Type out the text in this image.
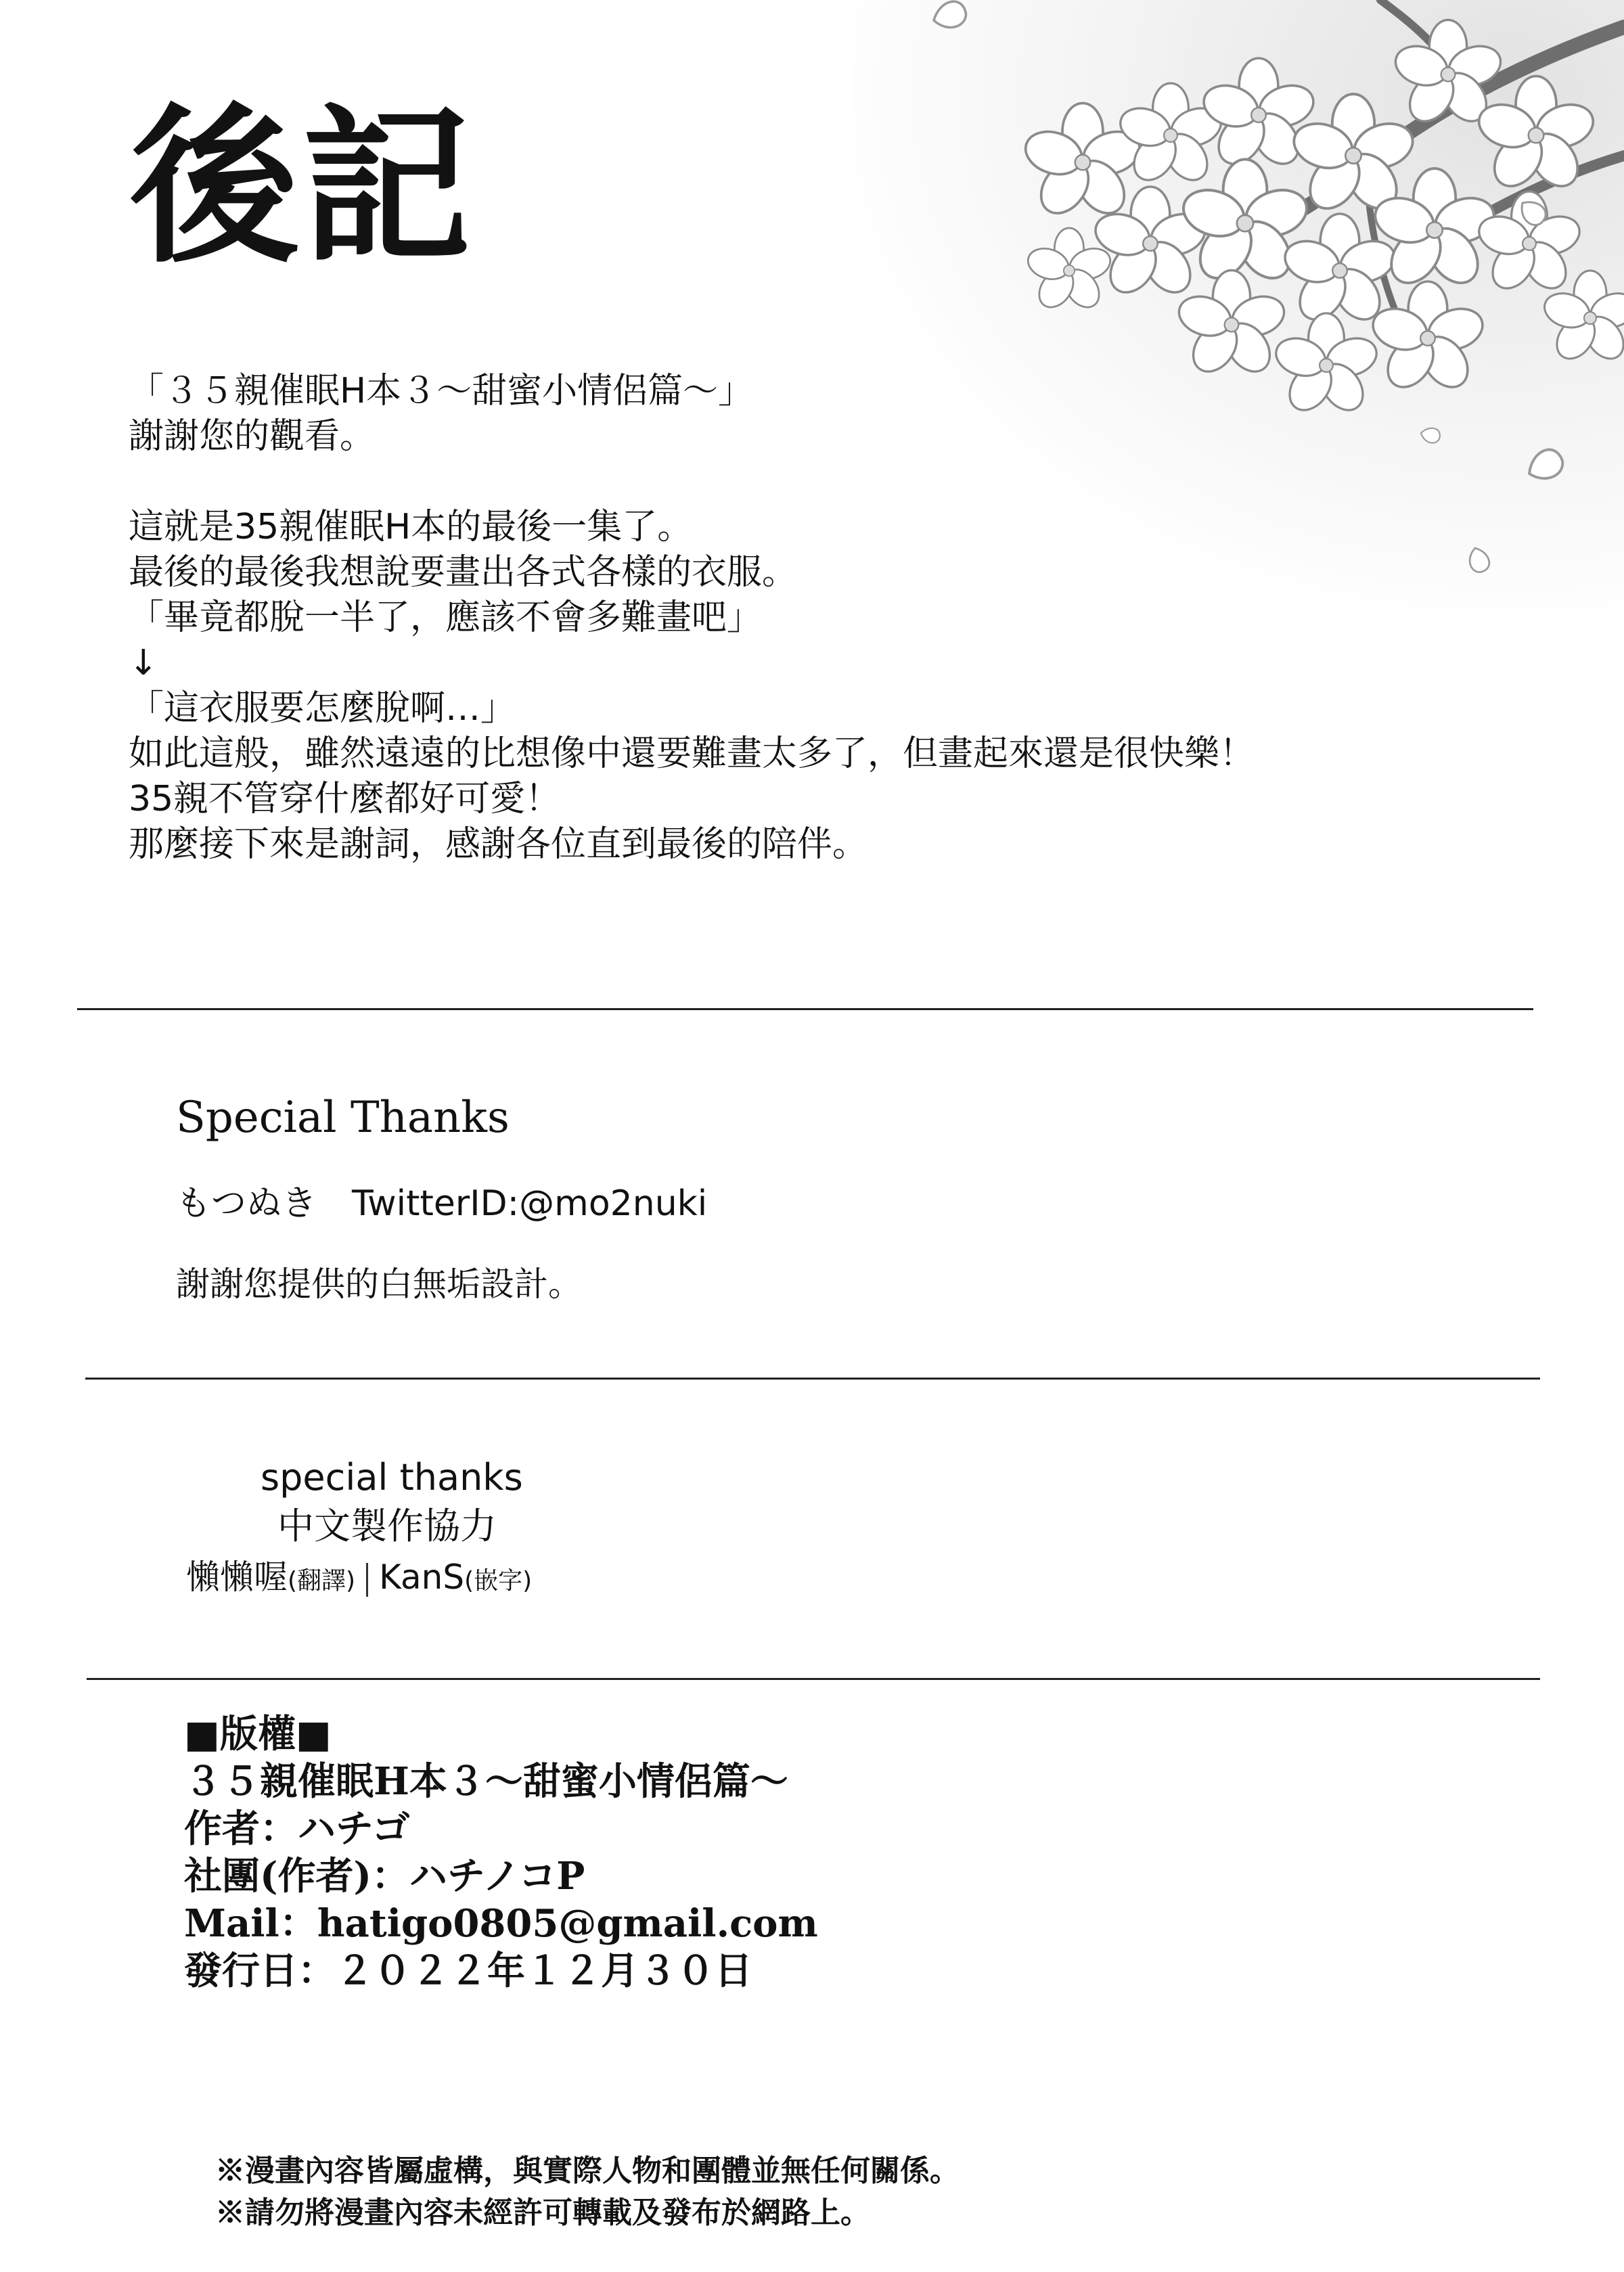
後記
「３５親催眠H本３～甜蜜小情侶篇～」
謝謝您的觀看。
這就是35親催眠H本的最後一集了。
最後的最後我想說要畫出各式各樣的衣服。
「畢竟都脫一半了，應該不會多難畫吧」
↓
「這衣服要怎麼脫啊…」
如此這般，雖然遠遠的比想像中還要難畫太多了，但畫起來還是很快樂！
35親不管穿什麼都好可愛！
那麼接下來是謝詞，感謝各位直到最後的陪伴。
Special Thanks
もつぬき　TwitterID:@mo2nuki
謝謝您提供的白無垢設計。
special thanks
中文製作協力
懶懶喔(翻譯) KanS(嵌字)
■版權■
３５親催眠H本３～甜蜜小情侶篇～
作者：ハチゴ
社團(作者)：ハチノコP
Mail：hatigo0805@gmail.com
發行日：２０２２年１２月３０日
※漫畫內容皆屬虛構，與實際人物和團體並無任何關係。
※請勿將漫畫內容未經許可轉載及發布於網路上。
